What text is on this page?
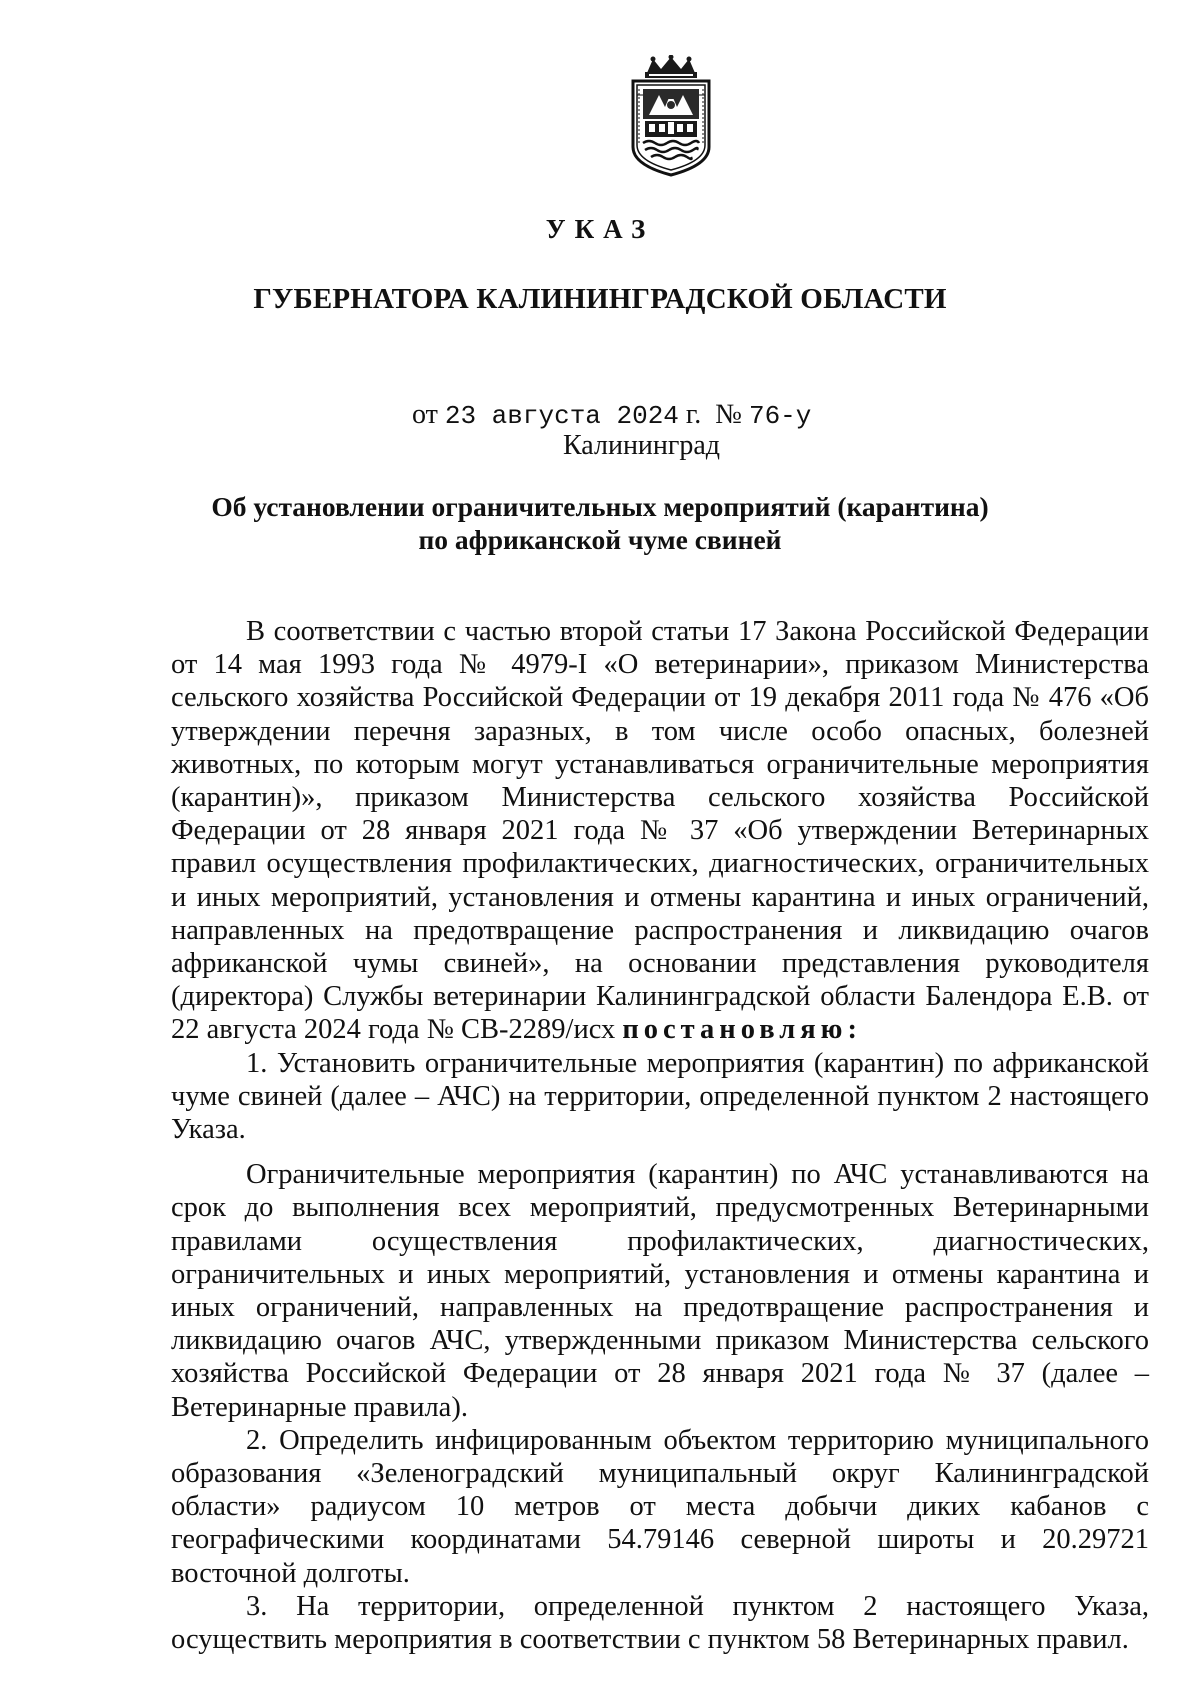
УКАЗ
ГУБЕРНАТОРА КАЛИНИНГРАДСКОЙ ОБЛАСТИ
от 23 августа 2024 г. № 76-у
Калининград
Об установлении ограничительных мероприятий (карантина)
по африканской чуме свиней

В соответствии с частью второй статьи 17 Закона Российской Федерации от 14 мая 1993 года № 4979-I «О ветеринарии», приказом Министерства сельского хозяйства Российской Федерации от 19 декабря 2011 года № 476 «Об утверждении перечня заразных, в том числе особо опасных, болезней животных, по которым могут устанавливаться ограничительные мероприятия (карантин)», приказом Министерства сельского хозяйства Российской Федерации от 28 января 2021 года № 37 «Об утверждении Ветеринарных правил осуществления профилактических, диагностических, ограничительных и иных мероприятий, установления и отмены карантина и иных ограничений, направленных на предотвращение распространения и ликвидацию очагов африканской чумы свиней», на основании представления руководителя (директора) Службы ветеринарии Калининградской области Балендора Е.В. от 22 августа 2024 года № СВ-2289/исх постановляю:

1. Установить ограничительные мероприятия (карантин) по африканской чуме свиней (далее – АЧС) на территории, определенной пунктом 2 настоящего Указа.

Ограничительные мероприятия (карантин) по АЧС устанавливаются на срок до выполнения всех мероприятий, предусмотренных Ветеринарными правилами осуществления профилактических, диагностических, ограничительных и иных мероприятий, установления и отмены карантина и иных ограничений, направленных на предотвращение распространения и ликвидацию очагов АЧС, утвержденными приказом Министерства сельского хозяйства Российской Федерации от 28 января 2021 года № 37 (далее – Ветеринарные правила).

2. Определить инфицированным объектом территорию муниципального образования «Зеленоградский муниципальный округ Калининградской области» радиусом 10 метров от места добычи диких кабанов с географическими координатами 54.79146 северной широты и 20.29721 восточной долготы.

3. На территории, определенной пунктом 2 настоящего Указа, осуществить мероприятия в соответствии с пунктом 58 Ветеринарных правил.
